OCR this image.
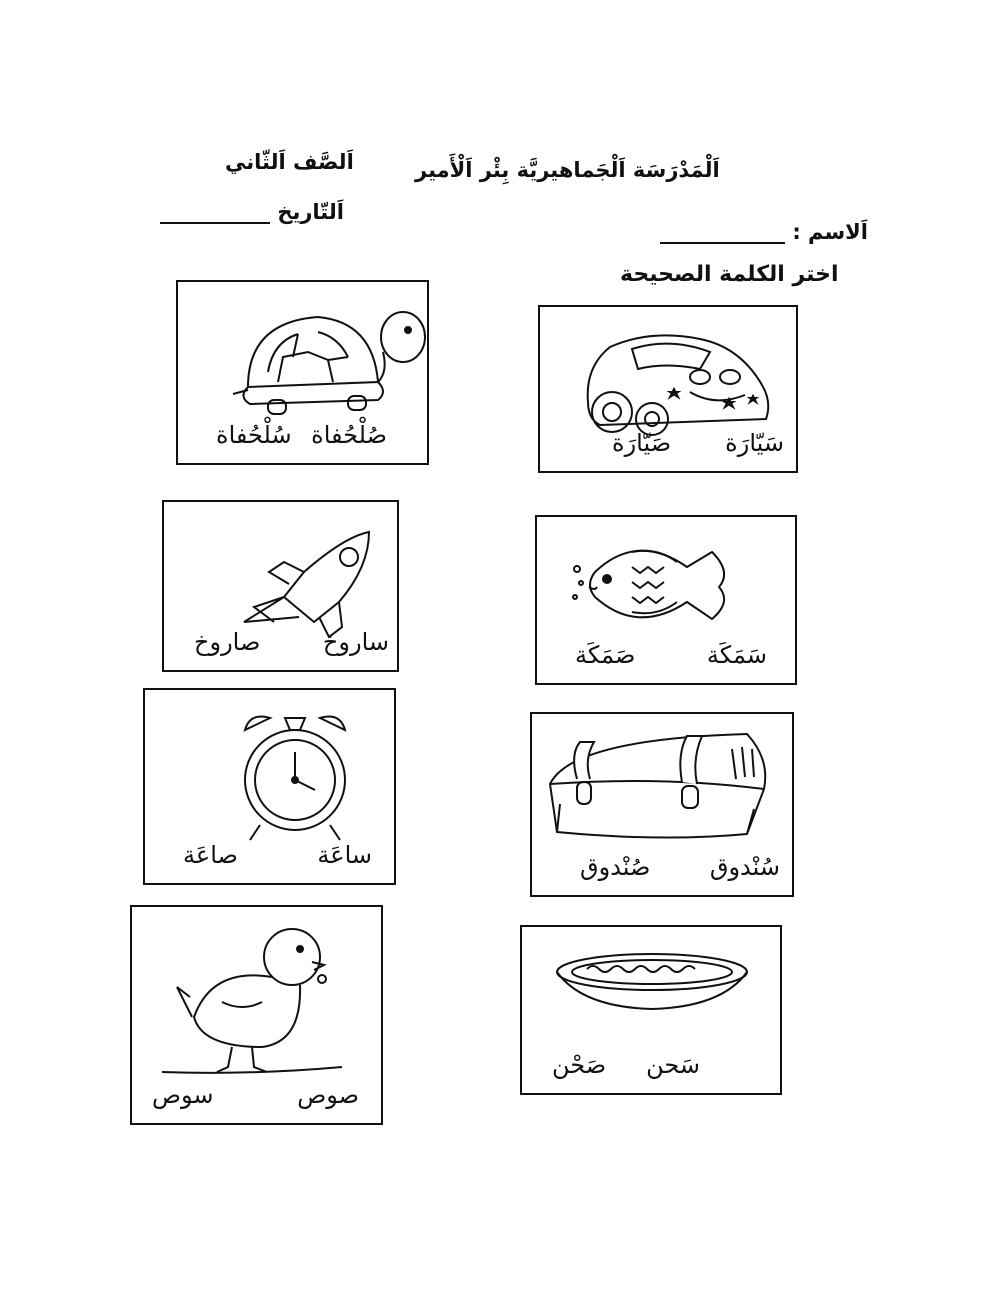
اَلْمَدْرَسَة اَلْجَماهيريَّة بِئْر اَلْأَمير
اَلصَّف اَلثّاني
اَلتّاريخ
اَلاسم :
اختر الكلمة الصحيحة
سَيّارَة
صَيّارَة
صُلْحُفاة
سُلْحُفاة
سَمَكَة
صَمَكَة
ساروخ
صاروخ
سُنْدوق
صُنْدوق
ساعَة
صاعَة
سَحن
صَحْن
صوص
سوص
